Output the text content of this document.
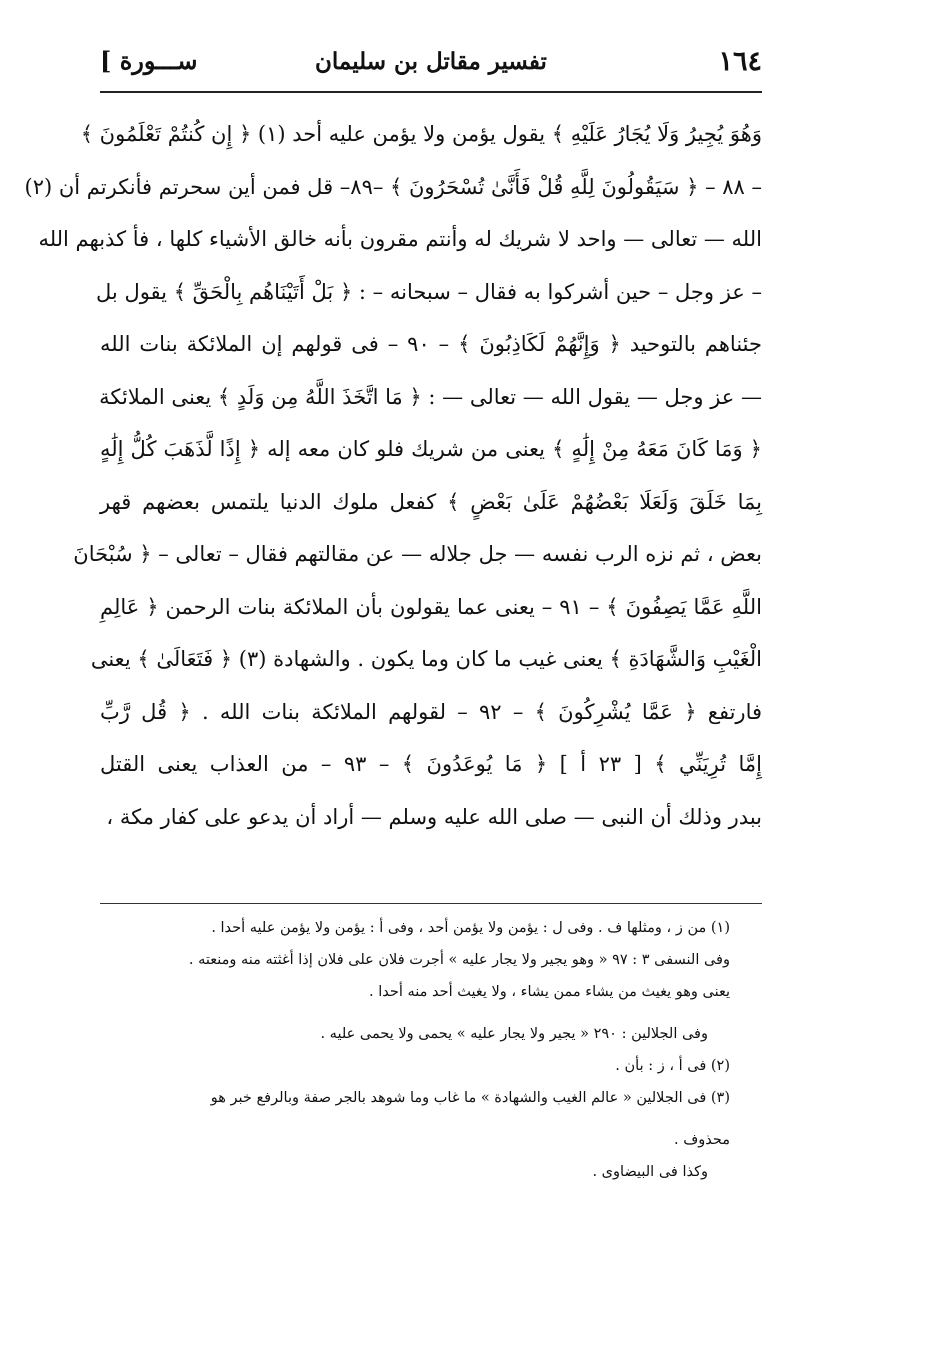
١٦٤
تفسير مقاتل بن سليمان
[ ســـورة
وَهُوَ يُجِيرُ وَلَا يُجَارُ عَلَيْهِ ﴾ يقول يؤمن ولا يؤمن عليه أحد (١) ﴿ إِن كُنتُمْ تَعْلَمُونَ ﴾
– ٨٨ – ﴿ سَيَقُولُونَ لِلَّهِ قُلْ فَأَنَّىٰ تُسْحَرُونَ ﴾ –٨٩– قل فمن أين سحرتم فأنكرتم أن (٢)
الله — تعالى — واحد لا شريك له وأنتم مقرون بأنه خالق الأشياء كلها ، فأ كذبهم الله
– عز وجل – حين أشركوا به فقال – سبحانه – : ﴿ بَلْ أَتَيْنَاهُم بِالْحَقِّ ﴾ يقول بل
جئناهم بالتوحيد ﴿ وَإِنَّهُمْ لَكَاذِبُونَ ﴾ – ٩٠ – فى قولهم إن الملائكة بنات الله
— عز وجل — يقول الله — تعالى — : ﴿ مَا اتَّخَذَ اللَّهُ مِن وَلَدٍ ﴾ يعنى الملائكة
﴿ وَمَا كَانَ مَعَهُ مِنْ إِلَٰهٍ ﴾ يعنى من شريك فلو كان معه إله ﴿ إِذًا لَّذَهَبَ كُلُّ إِلَٰهٍ
بِمَا خَلَقَ وَلَعَلَا بَعْضُهُمْ عَلَىٰ بَعْضٍ ﴾ كفعل ملوك الدنيا يلتمس بعضهم قهر
بعض ، ثم نزه الرب نفسه — جل جلاله — عن مقالتهم فقال – تعالى – ﴿ سُبْحَانَ
اللَّهِ عَمَّا يَصِفُونَ ﴾ – ٩١ – يعنى عما يقولون بأن الملائكة بنات الرحمن ﴿ عَالِمِ
الْغَيْبِ وَالشَّهَادَةِ ﴾ يعنى غيب ما كان وما يكون . والشهادة (٣) ﴿ فَتَعَالَىٰ ﴾ يعنى
فارتفع ﴿ عَمَّا يُشْرِكُونَ ﴾ – ٩٢ – لقولهم الملائكة بنات الله . ﴿ قُل رَّبِّ
إِمَّا تُرِيَنِّي ﴾ [ ٢٣ أ ] ﴿ مَا يُوعَدُونَ ﴾ – ٩٣ – من العذاب يعنى القتل
ببدر وذلك أن النبى — صلى الله عليه وسلم — أراد أن يدعو على كفار مكة ،
(١) من ز ، ومثلها ف . وفى ل : يؤمن ولا يؤمن أحد ، وفى أ : يؤمن ولا يؤمن عليه أحدا .
وفى النسفى ٣ : ٩٧ « وهو يجير ولا يجار عليه » أجرت فلان على فلان إذا أغثته منه ومنعته .
يعنى وهو يغيث من يشاء ممن يشاء ، ولا يغيث أحد منه أحدا .
وفى الجلالين : ٢٩٠ « يجير ولا يجار عليه » يحمى ولا يحمى عليه .
(٢) فى أ ، ز : بأن .
(٣) فى الجلالين « عالم الغيب والشهادة » ما غاب وما شوهد بالجر صفة وبالرفع خبر هو
محذوف .
وكذا فى البيضاوى .
